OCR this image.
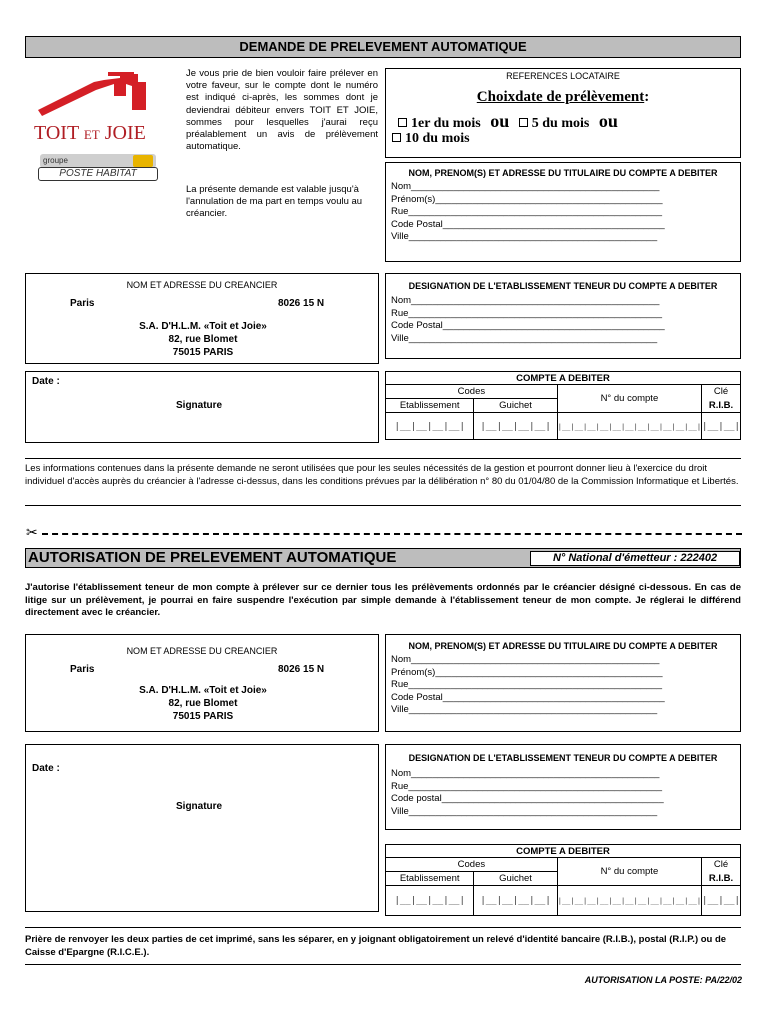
DEMANDE DE PRELEVEMENT AUTOMATIQUE
TOIT ET JOIE
groupe
POSTE HABITAT
Je vous prie de bien vouloir faire prélever en votre faveur, sur le compte dont le numéro est indiqué ci-après, les sommes dont je deviendrai débiteur envers TOIT ET JOIE, sommes pour lesquelles j'aurai reçu préalablement un avis de prélèvement automatique.
La présente demande est valable jusqu'à l'annulation de ma part en temps voulu au créancier.
REFERENCES LOCATAIRE
Choixdate de prélèvement:
1er du mois ou 5 du mois ou
10 du mois
NOM, PRENOM(S) ET ADRESSE DU TITULAIRE DU COMPTE A DEBITER
Nom_______________________________________________
Prénom(s)___________________________________________
Rue________________________________________________
Code Postal__________________________________________
Ville_______________________________________________
NOM ET ADRESSE DU CREANCIER
Paris	8026 15 N
S.A. D'H.L.M. «Toit et Joie»
82, rue Blomet
75015 PARIS
DESIGNATION DE L'ETABLISSEMENT TENEUR DU COMPTE A DEBITER
Nom_______________________________________________
Rue________________________________________________
Code Postal__________________________________________
Ville_______________________________________________
Date :
Signature
COMPTE A DEBITER			
Codes		N° du compte	Clé
Etablissement	Guichet		R.I.B.
|__|__|__|__|	|__|__|__|__|	|__|__|__|__|__|__|__|__|__|__|__|	|__|__|
Les informations contenues dans la présente demande ne seront utilisées que pour les seules nécessités de la gestion et pourront donner lieu à l'exercice du droit individuel d'accès auprès du créancier à l'adresse ci-dessus, dans les conditions prévues par la délibération n° 80 du 01/04/80 de la Commission Informatique et Libertés.
✂
AUTORISATION DE PRELEVEMENT AUTOMATIQUE	N° National d'émetteur : 222402
J'autorise l'établissement teneur de mon compte à prélever sur ce dernier tous les prélèvements ordonnés par le créancier désigné ci-dessous. En cas de litige sur un prélèvement, je pourrai en faire suspendre l'exécution par simple demande à l'établissement teneur de mon compte. Je réglerai le différend directement avec le créancier.
NOM ET ADRESSE DU CREANCIER
Paris	8026 15 N
S.A. D'H.L.M. «Toit et Joie»
82, rue Blomet
75015 PARIS
NOM, PRENOM(S) ET ADRESSE DU TITULAIRE DU COMPTE A DEBITER
Nom_______________________________________________
Prénom(s)___________________________________________
Rue________________________________________________
Code Postal__________________________________________
Ville_______________________________________________
Date :
Signature
DESIGNATION DE L'ETABLISSEMENT TENEUR DU COMPTE A DEBITER
Nom_______________________________________________
Rue________________________________________________
Code postal__________________________________________
Ville_______________________________________________
COMPTE A DEBITER			
Codes		N° du compte	Clé
Etablissement	Guichet		R.I.B.
|__|__|__|__|	|__|__|__|__|	|__|__|__|__|__|__|__|__|__|__|__|	|__|__|
Prière de renvoyer les deux parties de cet imprimé, sans les séparer, en y joignant obligatoirement un relevé d'identité bancaire (R.I.B.), postal (R.I.P.) ou de Caisse d'Epargne (R.I.C.E.).
AUTORISATION LA POSTE: PA/22/02
